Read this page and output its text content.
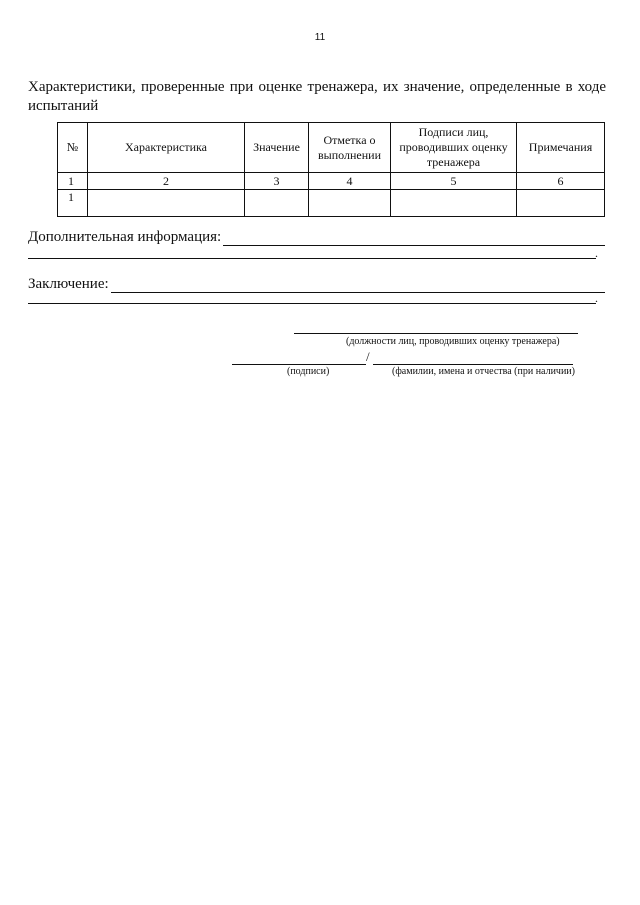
11
Характеристики, проверенные при оценке тренажера, их значение, определенные в ходе испытаний
№	Характеристика	Значение	Отметка о выполнении	Подписи лиц, проводивших оценку тренажера	Примечания
1	2	3	4	5	6
1					
Дополнительная информация:
.
Заключение:
.
(должности лиц, проводивших оценку тренажера)
/
(подписи)	(фамилии, имена и отчества (при наличии)
